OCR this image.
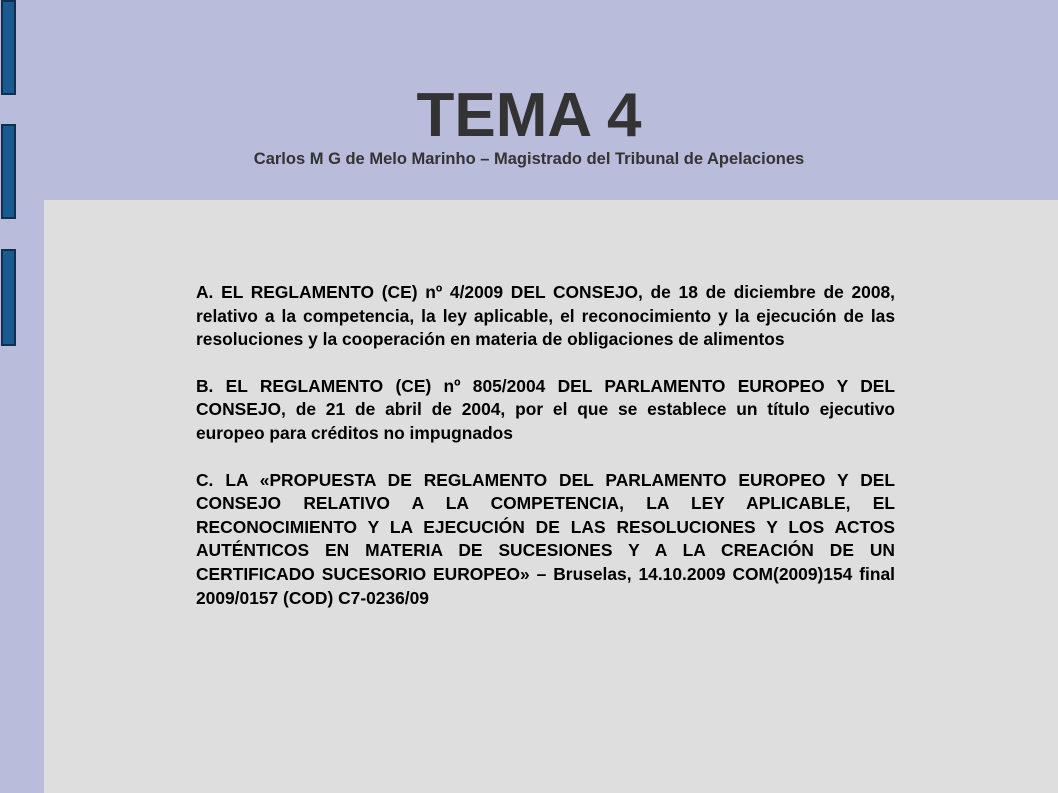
TEMA 4
Carlos M G de Melo Marinho – Magistrado del Tribunal de Apelaciones

A. EL REGLAMENTO (CE) nº 4/2009 DEL CONSEJO, de 18 de diciembre de 2008, relativo a la competencia, la ley aplicable, el reconocimiento y la ejecución de las resoluciones y la cooperación en materia de obligaciones de alimentos

B. EL REGLAMENTO (CE) nº 805/2004 DEL PARLAMENTO EUROPEO Y DEL CONSEJO, de 21 de abril de 2004, por el que se establece un título ejecutivo europeo para créditos no impugnados

C. LA «PROPUESTA DE REGLAMENTO DEL PARLAMENTO EUROPEO Y DEL CONSEJO RELATIVO A LA COMPETENCIA, LA LEY APLICABLE, EL RECONOCIMIENTO Y LA EJECUCIÓN DE LAS RESOLUCIONES Y LOS ACTOS AUTÉNTICOS EN MATERIA DE SUCESIONES Y A LA CREACIÓN DE UN CERTIFICADO SUCESORIO EUROPEO» – Bruselas, 14.10.2009 COM(2009)154 final 2009/0157 (COD) C7-0236/09
